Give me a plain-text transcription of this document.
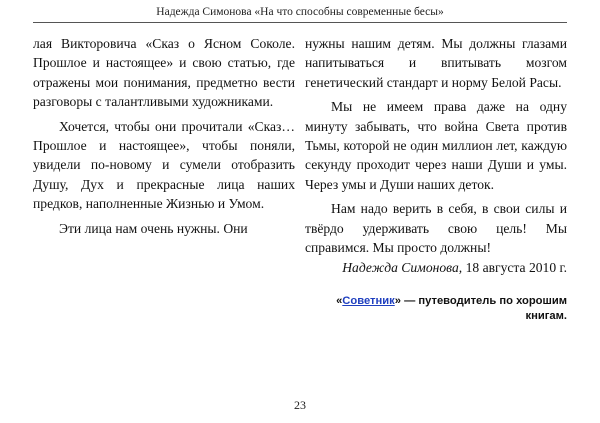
Надежда Симонова «На что способны современные бесы»

лая Викторовича «Сказ о Ясном Соколе. Прошлое и настоящее» и свою статью, где отражены мои понимания, предметно вести разговоры с талантливыми художниками.

Хочется, чтобы они прочитали «Сказ… Прошлое и настоящее», чтобы поняли, увидели по-новому и сумели отобразить Душу, Дух и прекрасные лица наших предков, наполненные Жизнью и Умом.

Эти лица нам очень нужны. Они

нужны нашим детям. Мы должны глазами напитываться и впитывать мозгом генетический стандарт и норму Белой Расы.

Мы не имеем права даже на одну минуту забывать, что война Света против Тьмы, которой не один миллион лет, каждую секунду проходит через наши Души и умы. Через умы и Души наших деток.

Нам надо верить в себя, в свои силы и твёрдо удерживать свою цель! Мы справимся. Мы просто должны!

Надежда Симонова, 18 августа 2010 г.
«Советник» — путеводитель по хорошим книгам.
23
